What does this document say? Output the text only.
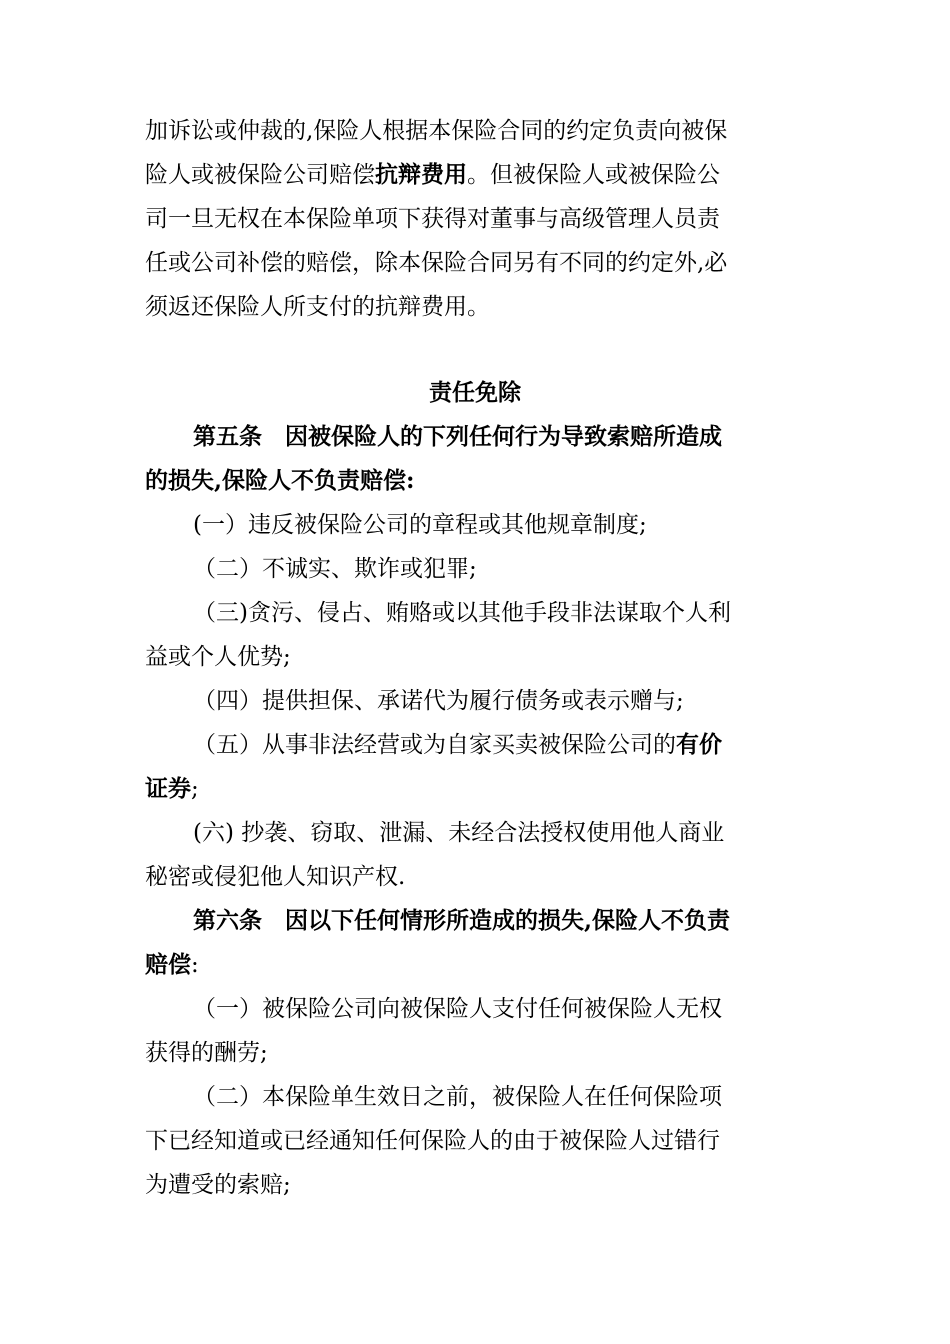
加诉讼或仲裁的,保险人根据本保险合同的约定负责向被保
险人或被保险公司赔偿抗辩费用。但被保险人或被保险公
司一旦无权在本保险单项下获得对董事与高级管理人员责
任或公司补偿的赔偿，除本保险合同另有不同的约定外,必
须返还保险人所支付的抗辩费用。
责任免除
第五条　因被保险人的下列任何行为导致索赔所造成
的损失,保险人不负责赔偿:
(一）违反被保险公司的章程或其他规章制度;
（二）不诚实、欺诈或犯罪;
（三)贪污、侵占、贿赂或以其他手段非法谋取个人利
益或个人优势;
（四）提供担保、承诺代为履行债务或表示赠与;
（五）从事非法经营或为自家买卖被保险公司的有价
证券;
(六) 抄袭、窃取、泄漏、未经合法授权使用他人商业
秘密或侵犯他人知识产权.
第六条　因以下任何情形所造成的损失,保险人不负责
赔偿:
（一）被保险公司向被保险人支付任何被保险人无权
获得的酬劳;
（二）本保险单生效日之前，被保险人在任何保险项
下已经知道或已经通知任何保险人的由于被保险人过错行
为遭受的索赔;
